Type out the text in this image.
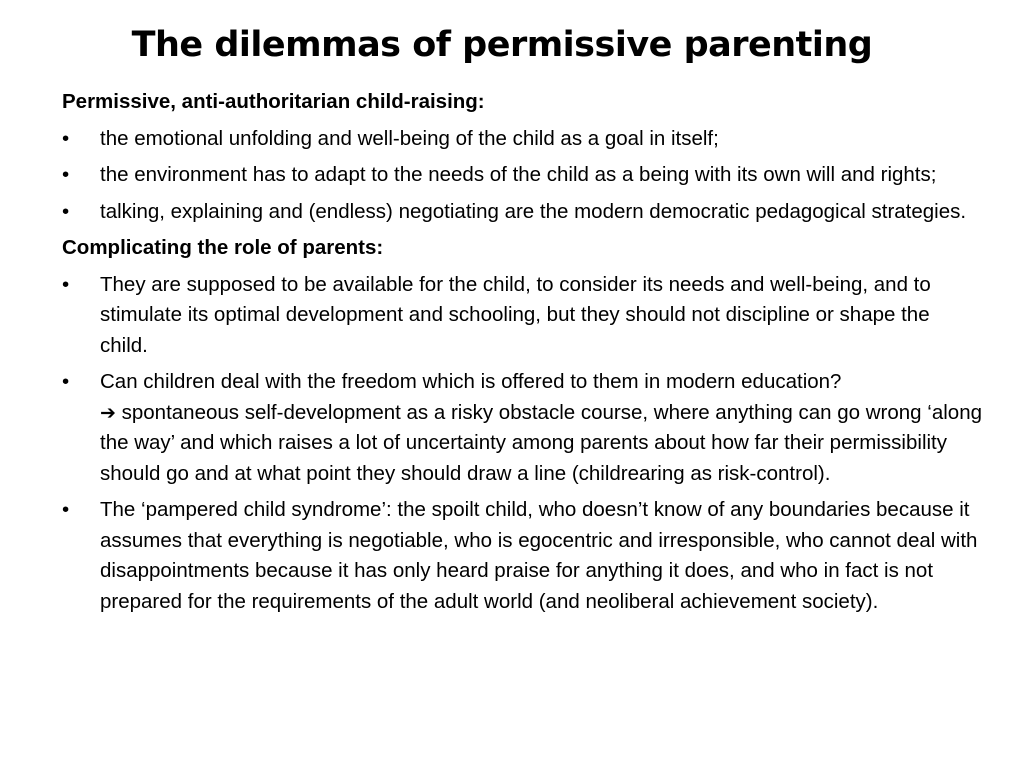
The dilemmas of permissive parenting
Permissive, anti-authoritarian child-raising:
•	the emotional unfolding and well-being of the child as a goal in itself;
•	the environment has to adapt to the needs of the child as a being with its own will and rights;
•	talking, explaining and (endless) negotiating are the modern democratic pedagogical strategies.
Complicating the role of parents:
•	They are supposed to be available for the child, to consider its needs and well-being, and to stimulate its optimal development and schooling, but they should not discipline or shape the child.
•	Can children deal with the freedom which is offered to them in modern education?
➔ spontaneous self-development as a risky obstacle course, where anything can go wrong ‘along the way’ and which raises a lot of uncertainty among parents about how far their permissibility should go and at what point they should draw a line (childrearing as risk-control).
•	The ‘pampered child syndrome’: the spoilt child, who doesn’t know of any boundaries because it assumes that everything is negotiable, who is egocentric and irresponsible, who cannot deal with disappointments because it has only heard praise for anything it does, and who in fact is not prepared for the requirements of the adult world (and neoliberal achievement society).
